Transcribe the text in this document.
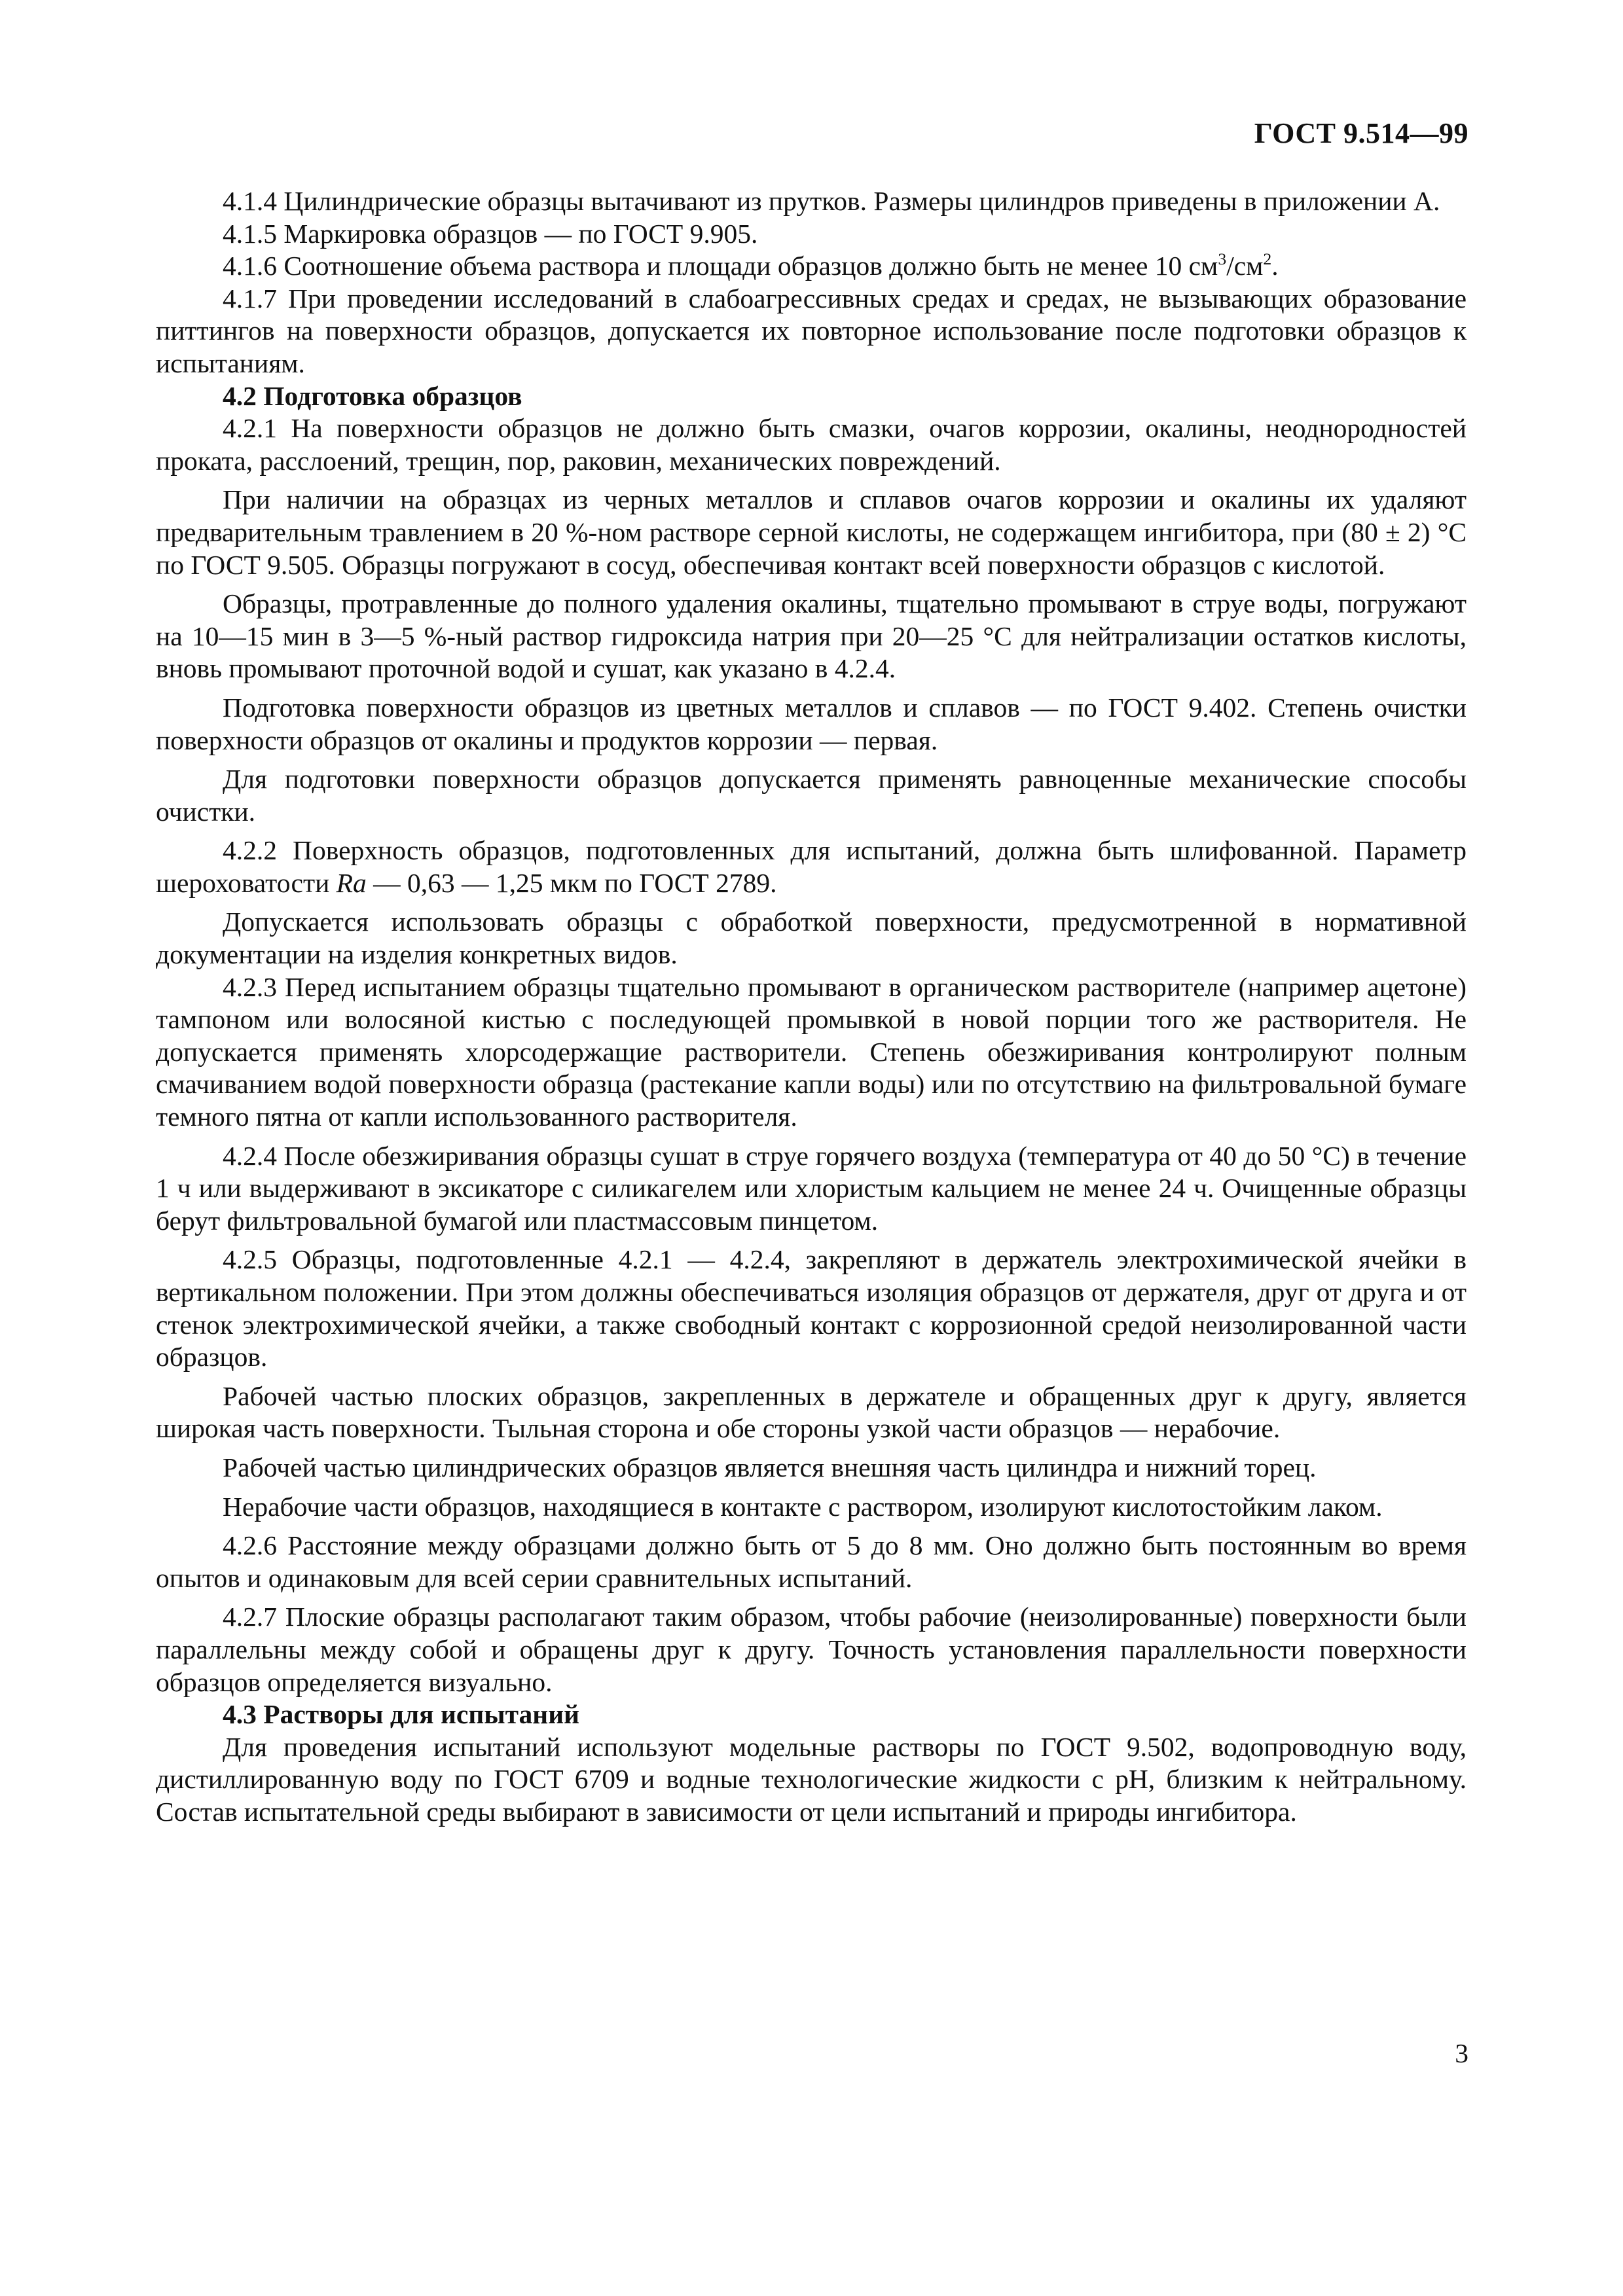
ГОСТ 9.514—99

4.1.4 Цилиндрические образцы вытачивают из прутков. Размеры цилиндров приведены в приложении А.

4.1.5 Маркировка образцов — по ГОСТ 9.905.

4.1.6 Соотношение объема раствора и площади образцов должно быть не менее 10 $см^3/см^2$.

4.1.7 При проведении исследований в слабоагрессивных средах и средах, не вызывающих образование питтингов на поверхности образцов, допускается их повторное использование после подготовки образцов к испытаниям.

4.2 Подготовка образцов

4.2.1 На поверхности образцов не должно быть смазки, очагов коррозии, окалины, неоднородностей проката, расслоений, трещин, пор, раковин, механических повреждений.

При наличии на образцах из черных металлов и сплавов очагов коррозии и окалины их удаляют предварительным травлением в 20 %-ном растворе серной кислоты, не содержащем ингибитора, при (80 ± 2) °С по ГОСТ 9.505. Образцы погружают в сосуд, обеспечивая контакт всей поверхности образцов с кислотой.

Образцы, протравленные до полного удаления окалины, тщательно промывают в струе воды, погружают на 10—15 мин в 3—5 %-ный раствор гидроксида натрия при 20—25 °С для нейтрализации остатков кислоты, вновь промывают проточной водой и сушат, как указано в 4.2.4.

Подготовка поверхности образцов из цветных металлов и сплавов — по ГОСТ 9.402. Степень очистки поверхности образцов от окалины и продуктов коррозии — первая.

Для подготовки поверхности образцов допускается применять равноценные механические способы очистки.

4.2.2 Поверхность образцов, подготовленных для испытаний, должна быть шлифованной. Параметр шероховатости Ra — 0,63 — 1,25 мкм по ГОСТ 2789.

Допускается использовать образцы с обработкой поверхности, предусмотренной в нормативной документации на изделия конкретных видов.

4.2.3 Перед испытанием образцы тщательно промывают в органическом растворителе (например ацетоне) тампоном или волосяной кистью с последующей промывкой в новой порции того же растворителя. Не допускается применять хлорсодержащие растворители. Степень обезжиривания контролируют полным смачиванием водой поверхности образца (растекание капли воды) или по отсутствию на фильтровальной бумаге темного пятна от капли использованного растворителя.

4.2.4 После обезжиривания образцы сушат в струе горячего воздуха (температура от 40 до 50 °С) в течение 1 ч или выдерживают в эксикаторе с силикагелем или хлористым кальцием не менее 24 ч. Очищенные образцы берут фильтровальной бумагой или пластмассовым пинцетом.

4.2.5 Образцы, подготовленные 4.2.1 — 4.2.4, закрепляют в держатель электрохимической ячейки в вертикальном положении. При этом должны обеспечиваться изоляция образцов от держателя, друг от друга и от стенок электрохимической ячейки, а также свободный контакт с коррозионной средой неизолированной части образцов.

Рабочей частью плоских образцов, закрепленных в держателе и обращенных друг к другу, является широкая часть поверхности. Тыльная сторона и обе стороны узкой части образцов — нерабочие.

Рабочей частью цилиндрических образцов является внешняя часть цилиндра и нижний торец.

Нерабочие части образцов, находящиеся в контакте с раствором, изолируют кислотостойким лаком.

4.2.6 Расстояние между образцами должно быть от 5 до 8 мм. Оно должно быть постоянным во время опытов и одинаковым для всей серии сравнительных испытаний.

4.2.7 Плоские образцы располагают таким образом, чтобы рабочие (неизолированные) поверхности были параллельны между собой и обращены друг к другу. Точность установления параллельности поверхности образцов определяется визуально.

4.3 Растворы для испытаний

Для проведения испытаний используют модельные растворы по ГОСТ 9.502, водопроводную воду, дистиллированную воду по ГОСТ 6709 и водные технологические жидкости с рН, близким к нейтральному. Состав испытательной среды выбирают в зависимости от цели испытаний и природы ингибитора.

3
